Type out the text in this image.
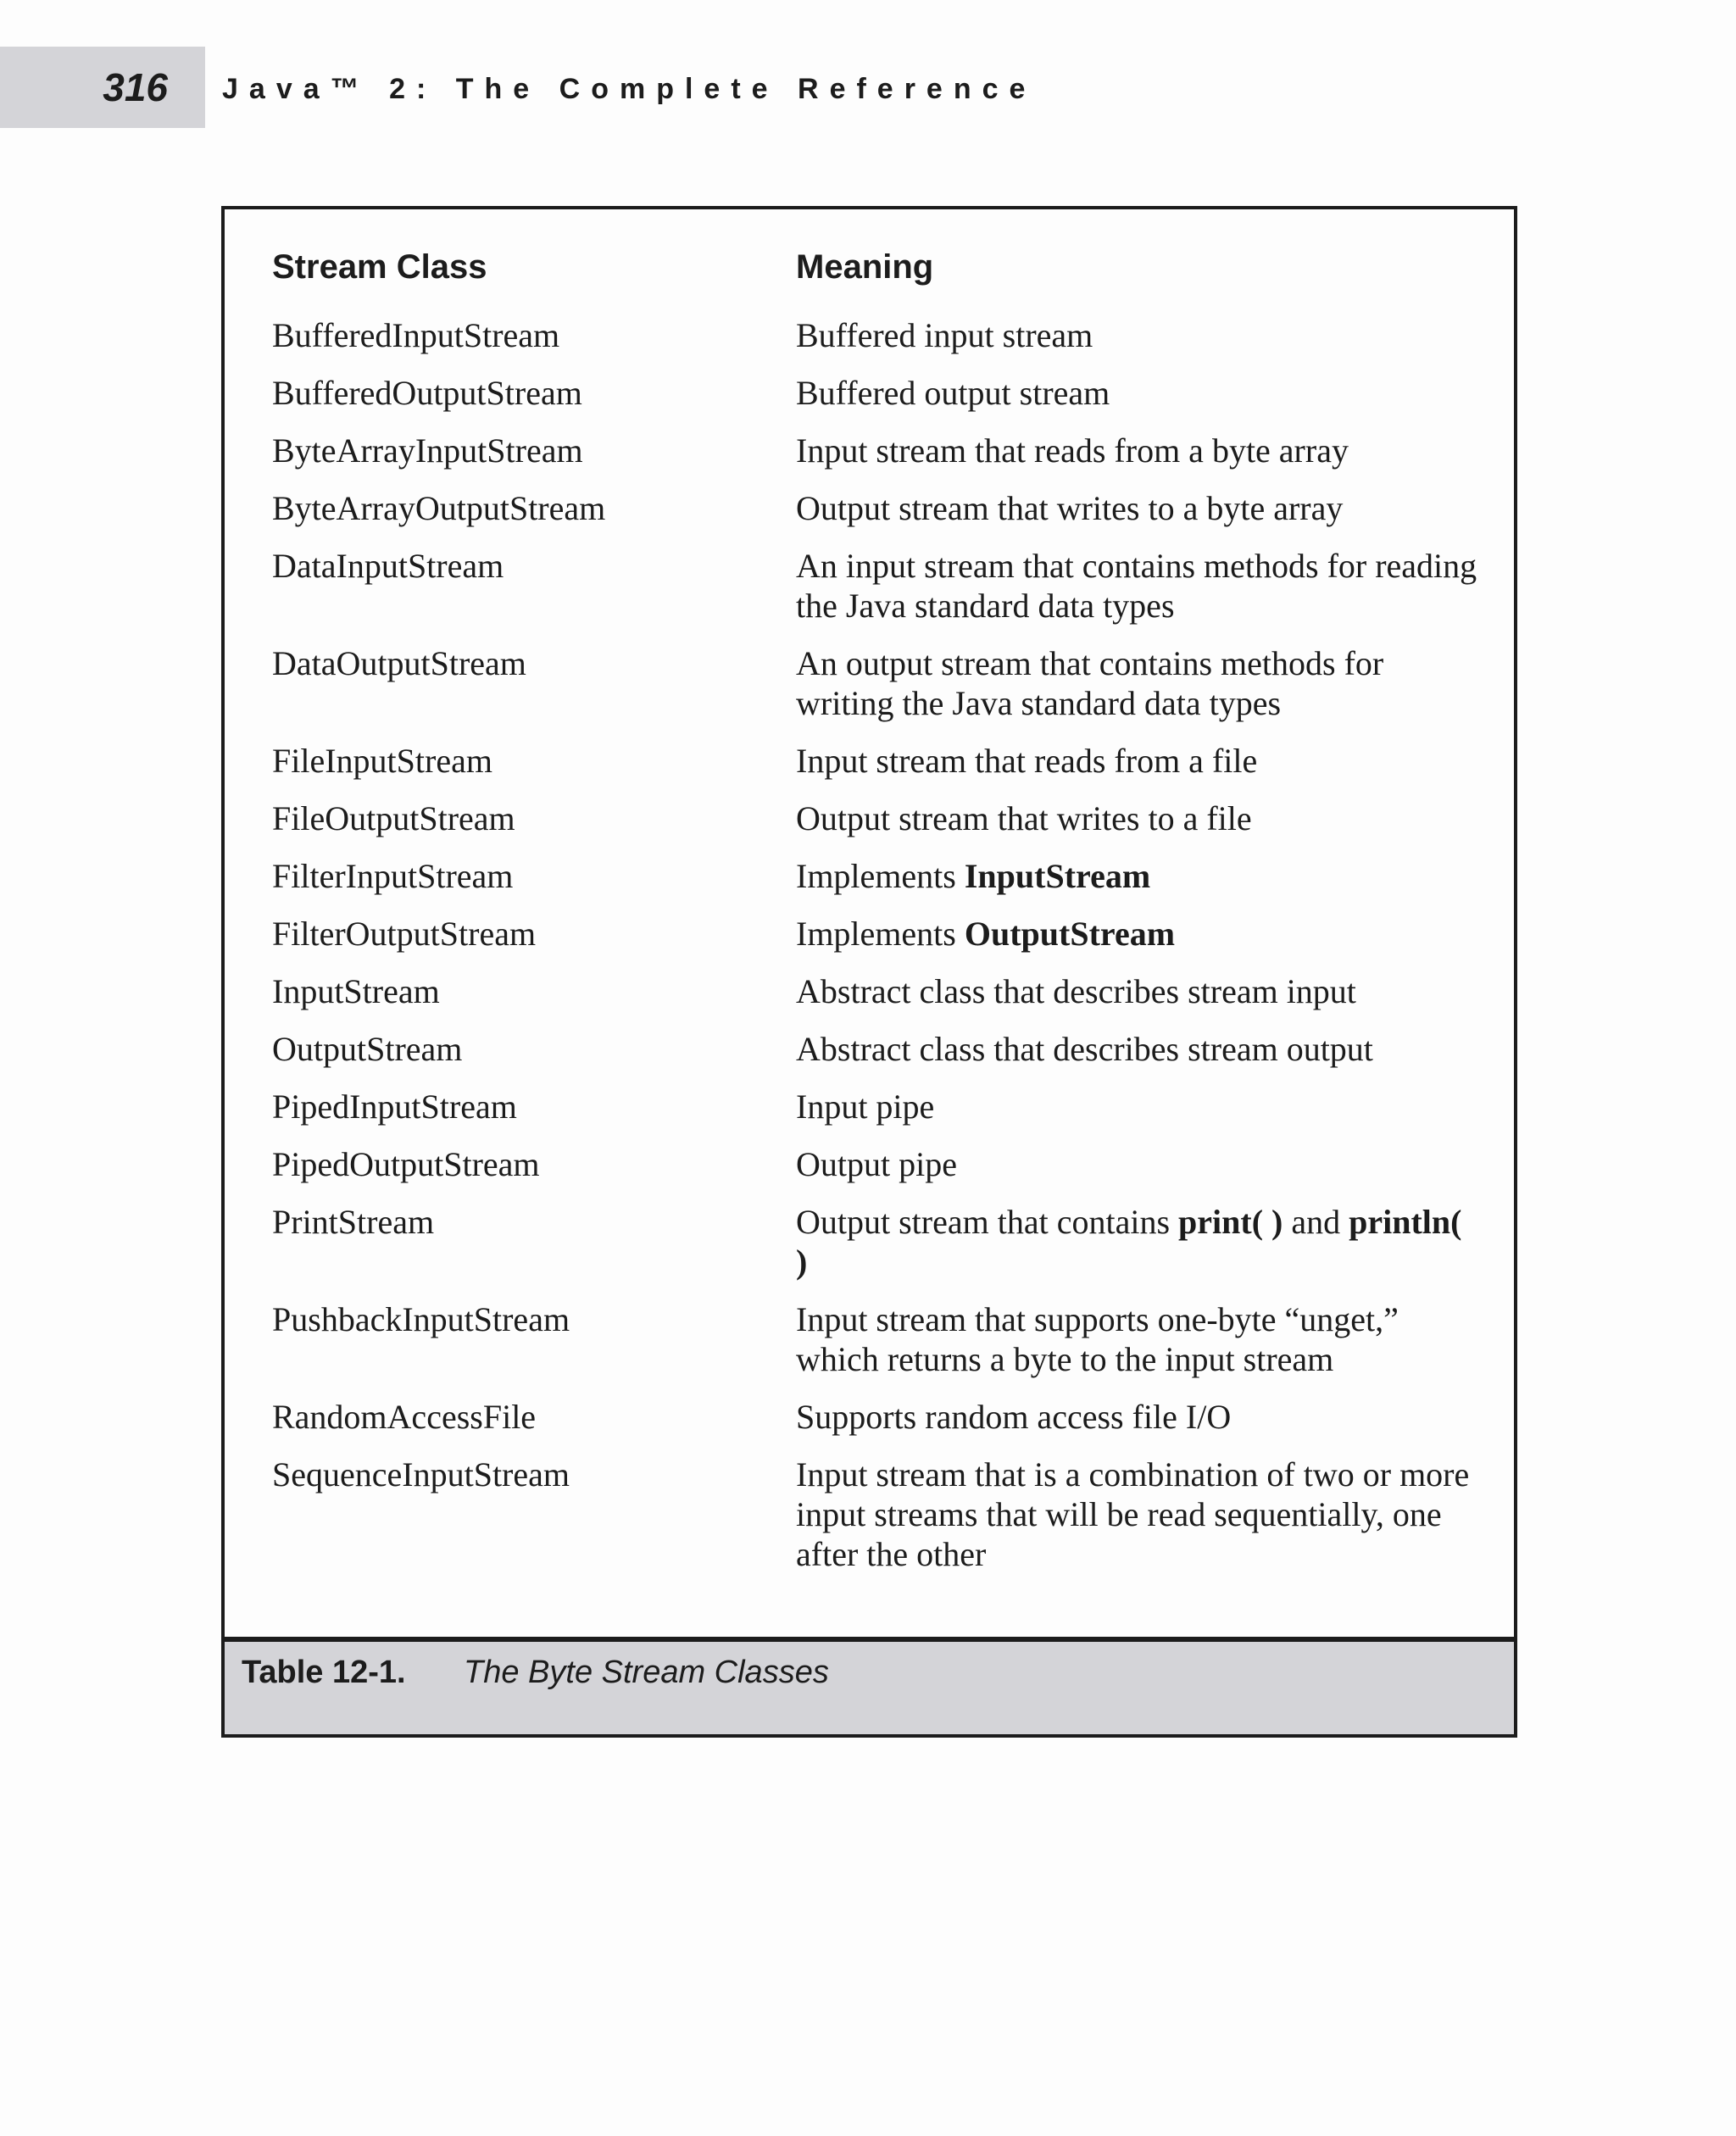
316 Java™ 2: The Complete Reference
Stream Class	Meaning
BufferedInputStream	Buffered input stream
BufferedOutputStream	Buffered output stream
ByteArrayInputStream	Input stream that reads from a byte array
ByteArrayOutputStream	Output stream that writes to a byte array
DataInputStream	An input stream that contains methods for reading the Java standard data types
DataOutputStream	An output stream that contains methods for writing the Java standard data types
FileInputStream	Input stream that reads from a file
FileOutputStream	Output stream that writes to a file
FilterInputStream	Implements InputStream
FilterOutputStream	Implements OutputStream
InputStream	Abstract class that describes stream input
OutputStream	Abstract class that describes stream output
PipedInputStream	Input pipe
PipedOutputStream	Output pipe
PrintStream	Output stream that contains print( ) and println( )
PushbackInputStream	Input stream that supports one-byte “unget,” which returns a byte to the input stream
RandomAccessFile	Supports random access file I/O
SequenceInputStream	Input stream that is a combination of two or more input streams that will be read sequentially, one after the other
Table 12-1. The Byte Stream Classes
